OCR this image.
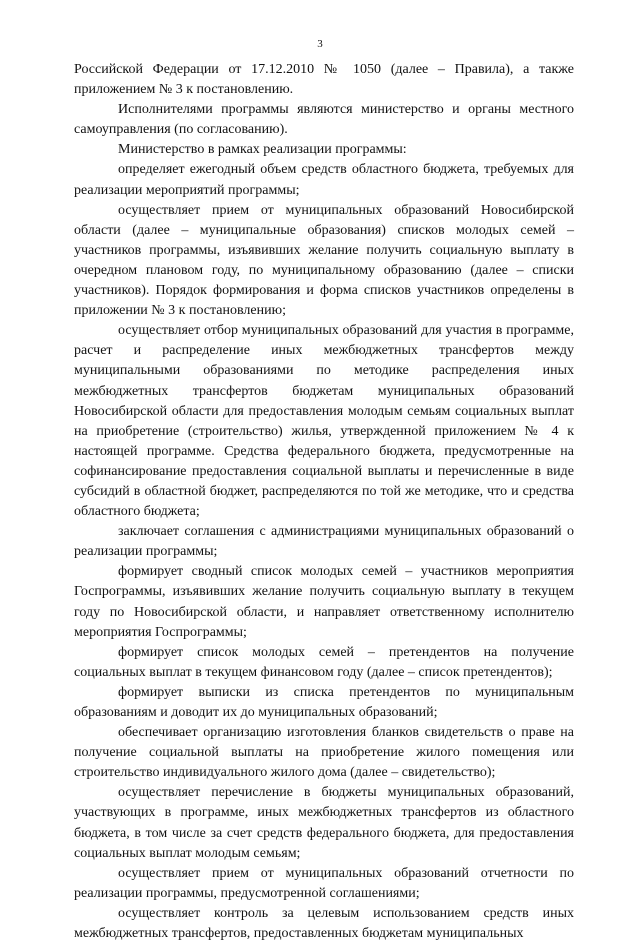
3

Российской Федерации от 17.12.2010 № 1050 (далее – Правила), а также приложением № 3 к постановлению.

Исполнителями программы являются министерство и органы местного самоуправления (по согласованию).

Министерство в рамках реализации программы:

определяет ежегодный объем средств областного бюджета, требуемых для реализации мероприятий программы;

осуществляет прием от муниципальных образований Новосибирской области (далее – муниципальные образования) списков молодых семей – участников программы, изъявивших желание получить социальную выплату в очередном плановом году, по муниципальному образованию (далее – списки участников). Порядок формирования и форма списков участников определены в приложении № 3 к постановлению;

осуществляет отбор муниципальных образований для участия в программе, расчет и распределение иных межбюджетных трансфертов между муниципальными образованиями по методике распределения иных межбюджетных трансфертов бюджетам муниципальных образований Новосибирской области для предоставления молодым семьям социальных выплат на приобретение (строительство) жилья, утвержденной приложением № 4 к настоящей программе. Средства федерального бюджета, предусмотренные на софинансирование предоставления социальной выплаты и перечисленные в виде субсидий в областной бюджет, распределяются по той же методике, что и средства областного бюджета;

заключает соглашения с администрациями муниципальных образований о реализации программы;

формирует сводный список молодых семей – участников мероприятия Госпрограммы, изъявивших желание получить социальную выплату в текущем году по Новосибирской области, и направляет ответственному исполнителю мероприятия Госпрограммы;

формирует список молодых семей – претендентов на получение социальных выплат в текущем финансовом году (далее – список претендентов);

формирует выписки из списка претендентов по муниципальным образованиям и доводит их до муниципальных образований;

обеспечивает организацию изготовления бланков свидетельств о праве на получение социальной выплаты на приобретение жилого помещения или строительство индивидуального жилого дома (далее – свидетельство);

осуществляет перечисление в бюджеты муниципальных образований, участвующих в программе, иных межбюджетных трансфертов из областного бюджета, в том числе за счет средств федерального бюджета, для предоставления социальных выплат молодым семьям;

осуществляет прием от муниципальных образований отчетности по реализации программы, предусмотренной соглашениями;

осуществляет контроль за целевым использованием средств иных межбюджетных трансфертов, предоставленных бюджетам муниципальных
